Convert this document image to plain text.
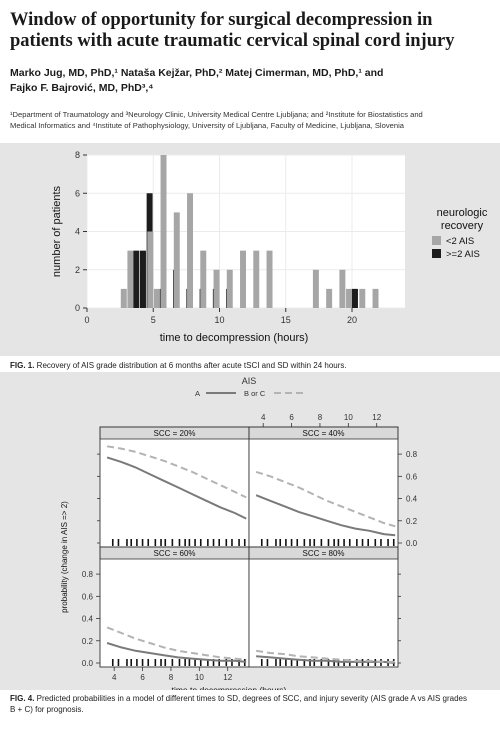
Window of opportunity for surgical decompression in
patients with acute traumatic cervical spinal cord injury

Marko Jug, MD, PhD,¹ Nataša Kejžar, PhD,² Matej Cimerman, MD, PhD,¹ and
Fajko F. Bajrović, MD, PhD³,⁴

¹Department of Traumatology and ³Neurology Clinic, University Medical Centre Ljubljana; and ²Institute for Biostatistics and
Medical Informatics and ⁴Institute of Pathophysiology, University of Ljubljana, Faculty of Medicine, Ljubljana, Slovenia

0
2
4
6
8
0	5	10	15	20
time to decompression (hours)
number of patients	neurologic
recovery
<2 AIS
>=2 AIS

FIG. 1. Recovery of AIS grade distribution at 6 months after acute tSCI and SD within 24 hours.

AIS
A	B or C
SCC = 20%	SCC = 40%
0.0
0.2
0.4
0.6
0.8
4	6	8	10 12
SCC = 60%
0.0
0.2
0.4
0.6
0.8
4	6	8	10 12
SCC = 80%
time to decompression (hours)
probability (change in AIS => 2)

FIG. 4. Predicted probabilities in a model of different times to SD, degrees of SCC, and injury severity (AIS grade A vs AIS grades
B + C) for prognosis.
